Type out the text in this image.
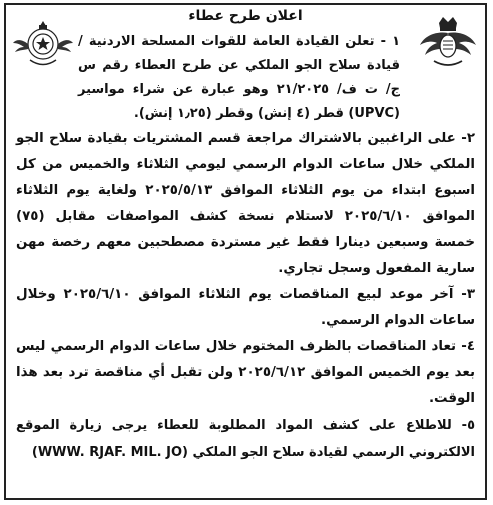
اعلان طرح عطاء

١ - تعلن القيادة العامة للقوات المسلحة الاردنية / قيادة سلاح الجو الملكي عن طرح العطاء رقم س ج/ ت ف/ ٢١/٢٠٢٥ وهو عبارة عن شراء مواسير (UPVC) قطر (٤ إنش) وقطر (١٫٢٥ إنش).

٢- على الراغبين بالاشتراك مراجعة قسم المشتريات بقيادة سلاح الجو الملكي خلال ساعات الدوام الرسمي ليومي الثلاثاء والخميس من كل اسبوع ابتداء من يوم الثلاثاء الموافق ٢٠٢٥/٥/١٣ ولغاية يوم الثلاثاء الموافق ٢٠٢٥/٦/١٠ لاستلام نسخة كشف المواصفات مقابل (٧٥) خمسة وسبعين دينارا فقط غير مستردة مصطحبين معهم رخصة مهن سارية المفعول وسجل تجاري.

٣- آخر موعد لبيع المناقصات يوم الثلاثاء الموافق ٢٠٢٥/٦/١٠ وخلال ساعات الدوام الرسمي.

٤- تعاد المناقصات بالظرف المختوم خلال ساعات الدوام الرسمي ليس بعد يوم الخميس الموافق ٢٠٢٥/٦/١٢ ولن تقبل أي مناقصة ترد بعد هذا الوقت.

٥- للاطلاع على كشف المواد المطلوبة للعطاء يرجى زيارة الموقع الالكتروني الرسمي لقيادة سلاح الجو الملكي (WWW. RJAF. MIL. JO)
